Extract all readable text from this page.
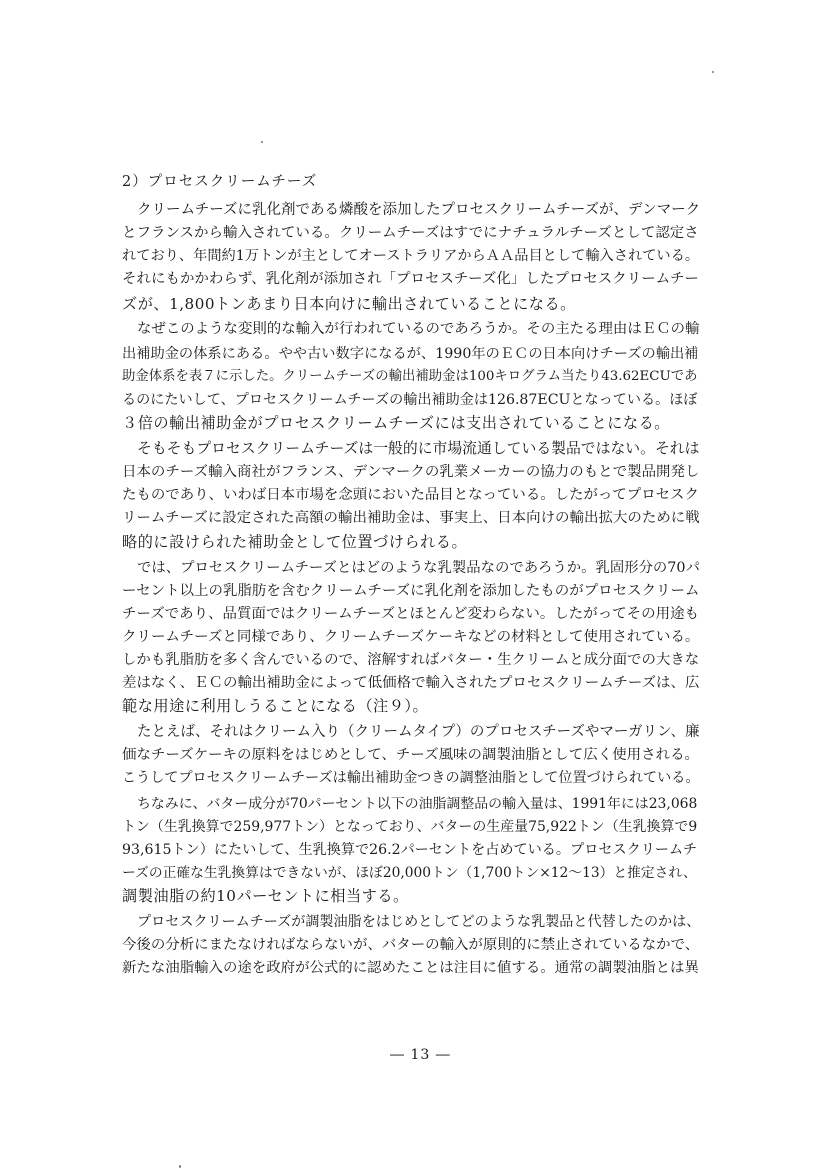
2）プロセスクリームチーズ
クリームチーズに乳化剤である燐酸を添加したプロセスクリームチーズが、デンマーク
とフランスから輸入されている。クリームチーズはすでにナチュラルチーズとして認定さ
れており、年間約1万トンが主としてオーストラリアからＡＡ品目として輸入されている。
それにもかかわらず、乳化剤が添加され「プロセスチーズ化」したプロセスクリームチー
ズが、1,800トンあまり日本向けに輸出されていることになる。
なぜこのような変則的な輸入が行われているのであろうか。その主たる理由はＥＣの輸
出補助金の体系にある。やや古い数字になるが、1990年のＥＣの日本向けチーズの輸出補
助金体系を表７に示した。クリームチーズの輸出補助金は100キログラム当たり43.62ECUであ
るのにたいして、プロセスクリームチーズの輸出補助金は126.87ECUとなっている。ほぼ
３倍の輸出補助金がプロセスクリームチーズには支出されていることになる。
そもそもプロセスクリームチーズは一般的に市場流通している製品ではない。それは
日本のチーズ輸入商社がフランス、デンマークの乳業メーカーの協力のもとで製品開発し
たものであり、いわば日本市場を念頭においた品目となっている。したがってプロセスク
リームチーズに設定された高額の輸出補助金は、事実上、日本向けの輸出拡大のために戦
略的に設けられた補助金として位置づけられる。
では、プロセスクリームチーズとはどのような乳製品なのであろうか。乳固形分の70パ
ーセント以上の乳脂肪を含むクリームチーズに乳化剤を添加したものがプロセスクリーム
チーズであり、品質面ではクリームチーズとほとんど変わらない。したがってその用途も
クリームチーズと同様であり、クリームチーズケーキなどの材料として使用されている。
しかも乳脂肪を多く含んでいるので、溶解すればバター・生クリームと成分面での大きな
差はなく、ＥＣの輸出補助金によって低価格で輸入されたプロセスクリームチーズは、広
範な用途に利用しうることになる（注９）。
たとえば、それはクリーム入り（クリームタイプ）のプロセスチーズやマーガリン、廉
価なチーズケーキの原料をはじめとして、チーズ風味の調製油脂として広く使用される。
こうしてプロセスクリームチーズは輸出補助金つきの調整油脂として位置づけられている。
ちなみに、バター成分が70パーセント以下の油脂調整品の輸入量は、1991年には23,068
トン（生乳換算で259,977トン）となっており、バターの生産量75,922トン（生乳換算で9
93,615トン）にたいして、生乳換算で26.2パーセントを占めている。プロセスクリームチ
ーズの正確な生乳換算はできないが、ほぼ20,000トン（1,700トン×12～13）と推定され、
調製油脂の約10パーセントに相当する。
プロセスクリームチーズが調製油脂をはじめとしてどのような乳製品と代替したのかは、
今後の分析にまたなければならないが、バターの輸入が原則的に禁止されているなかで、
新たな油脂輸入の途を政府が公式的に認めたことは注目に値する。通常の調製油脂とは異
― 13 ―
